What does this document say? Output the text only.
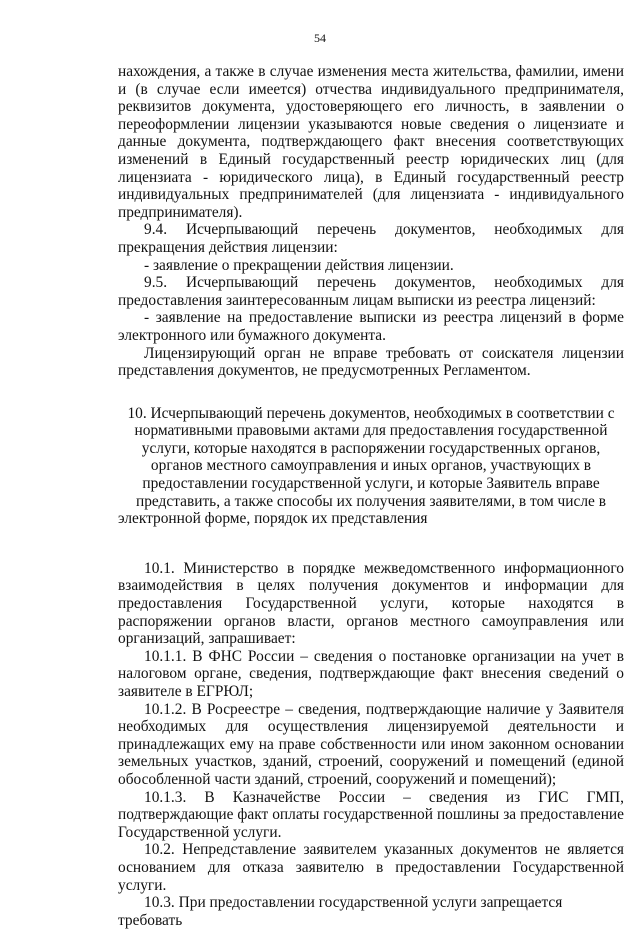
54

нахождения, а также в случае изменения места жительства, фамилии, имени и (в случае если имеется) отчества индивидуального предпринимателя, реквизитов документа, удостоверяющего его личность, в заявлении о переоформлении лицензии указываются новые сведения о лицензиате и данные документа, подтверждающего факт внесения соответствующих изменений в Единый государственный реестр юридических лиц (для лицензиата - юридического лица), в Единый государственный реестр индивидуальных предпринимателей (для лицензиата - индивидуального предпринимателя).

9.4. Исчерпывающий перечень документов, необходимых для прекращения действия лицензии:

- заявление о прекращении действия лицензии.

9.5. Исчерпывающий перечень документов, необходимых для предоставления заинтересованным лицам выписки из реестра лицензий:

- заявление на предоставление выписки из реестра лицензий в форме электронного или бумажного документа.

Лицензирующий орган не вправе требовать от соискателя лицензии представления документов, не предусмотренных Регламентом.

10. Исчерпывающий перечень документов, необходимых в соответствии с нормативными правовыми актами для предоставления государственной услуги, которые находятся в распоряжении государственных органов, органов местного самоуправления и иных органов, участвующих в предоставлении государственной услуги, и которые Заявитель вправе представить, а также способы их получения заявителями, в том числе в электронной форме, порядок их представления

10.1. Министерство в порядке межведомственного информационного взаимодействия в целях получения документов и информации для предоставления Государственной услуги, которые находятся в распоряжении органов власти, органов местного самоуправления или организаций, запрашивает:

10.1.1. В ФНС России – сведения о постановке организации на учет в налоговом органе, сведения, подтверждающие факт внесения сведений о заявителе в ЕГРЮЛ;

10.1.2. В Росреестре – сведения, подтверждающие наличие у Заявителя необходимых для осуществления лицензируемой деятельности и принадлежащих ему на праве собственности или ином законном основании земельных участков, зданий, строений, сооружений и помещений (единой обособленной части зданий, строений, сооружений и помещений);

10.1.3. В Казначействе России – сведения из ГИС ГМП, подтверждающие факт оплаты государственной пошлины за предоставление Государственной услуги.

10.2. Непредставление заявителем указанных документов не является основанием для отказа заявителю в предоставлении Государственной услуги.

10.3. При предоставлении государственной услуги запрещается требовать
